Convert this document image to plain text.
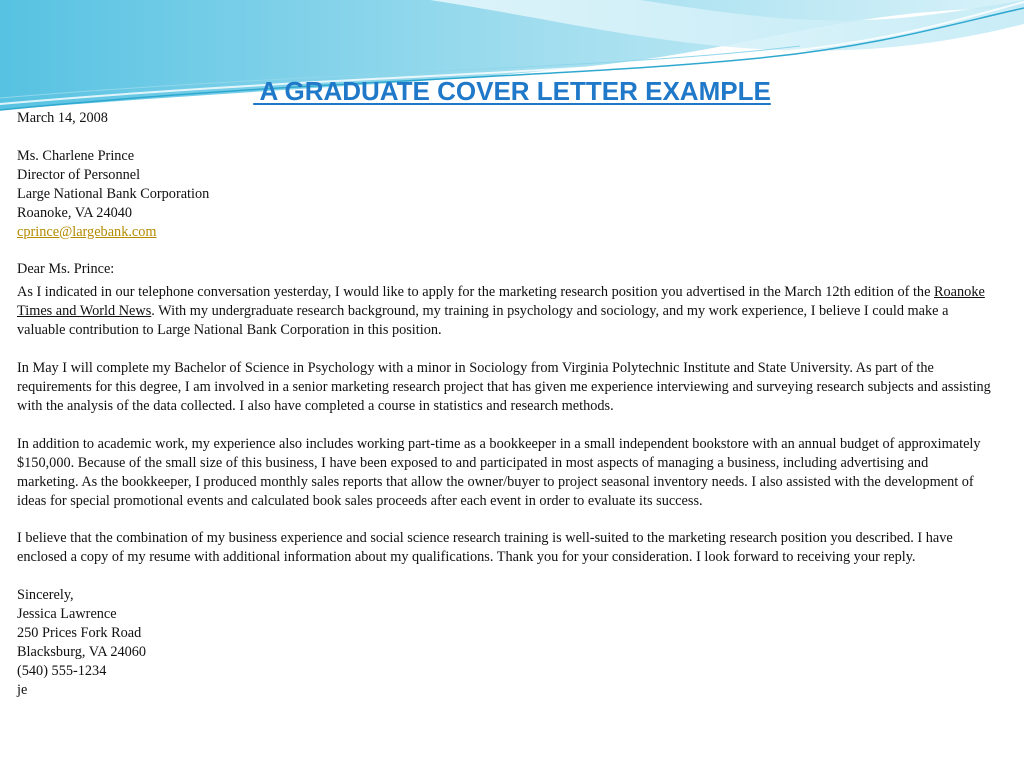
A GRADUATE COVER LETTER EXAMPLE
March 14, 2008
Ms. Charlene Prince
Director of Personnel
Large National Bank Corporation
Roanoke, VA 24040
cprince@largebank.com
Dear Ms. Prince:

As I indicated in our telephone conversation yesterday, I would like to apply for the marketing research position you advertised in the March 12th edition of the Roanoke Times and World News. With my undergraduate research background, my training in psychology and sociology, and my work experience, I believe I could make a valuable contribution to Large National Bank Corporation in this position.

In May I will complete my Bachelor of Science in Psychology with a minor in Sociology from Virginia Polytechnic Institute and State University. As part of the requirements for this degree, I am involved in a senior marketing research project that has given me experience interviewing and surveying research subjects and assisting with the analysis of the data collected. I also have completed a course in statistics and research methods.

In addition to academic work, my experience also includes working part-time as a bookkeeper in a small independent bookstore with an annual budget of approximately $150,000. Because of the small size of this business, I have been exposed to and participated in most aspects of managing a business, including advertising and marketing. As the bookkeeper, I produced monthly sales reports that allow the owner/buyer to project seasonal inventory needs. I also assisted with the development of ideas for special promotional events and calculated book sales proceeds after each event in order to evaluate its success.

I believe that the combination of my business experience and social science research training is well-suited to the marketing research position you described. I have enclosed a copy of my resume with additional information about my qualifications. Thank you for your consideration. I look forward to receiving your reply.

Sincerely,
Jessica Lawrence
250 Prices Fork Road
Blacksburg, VA 24060
(540) 555-1234
je
